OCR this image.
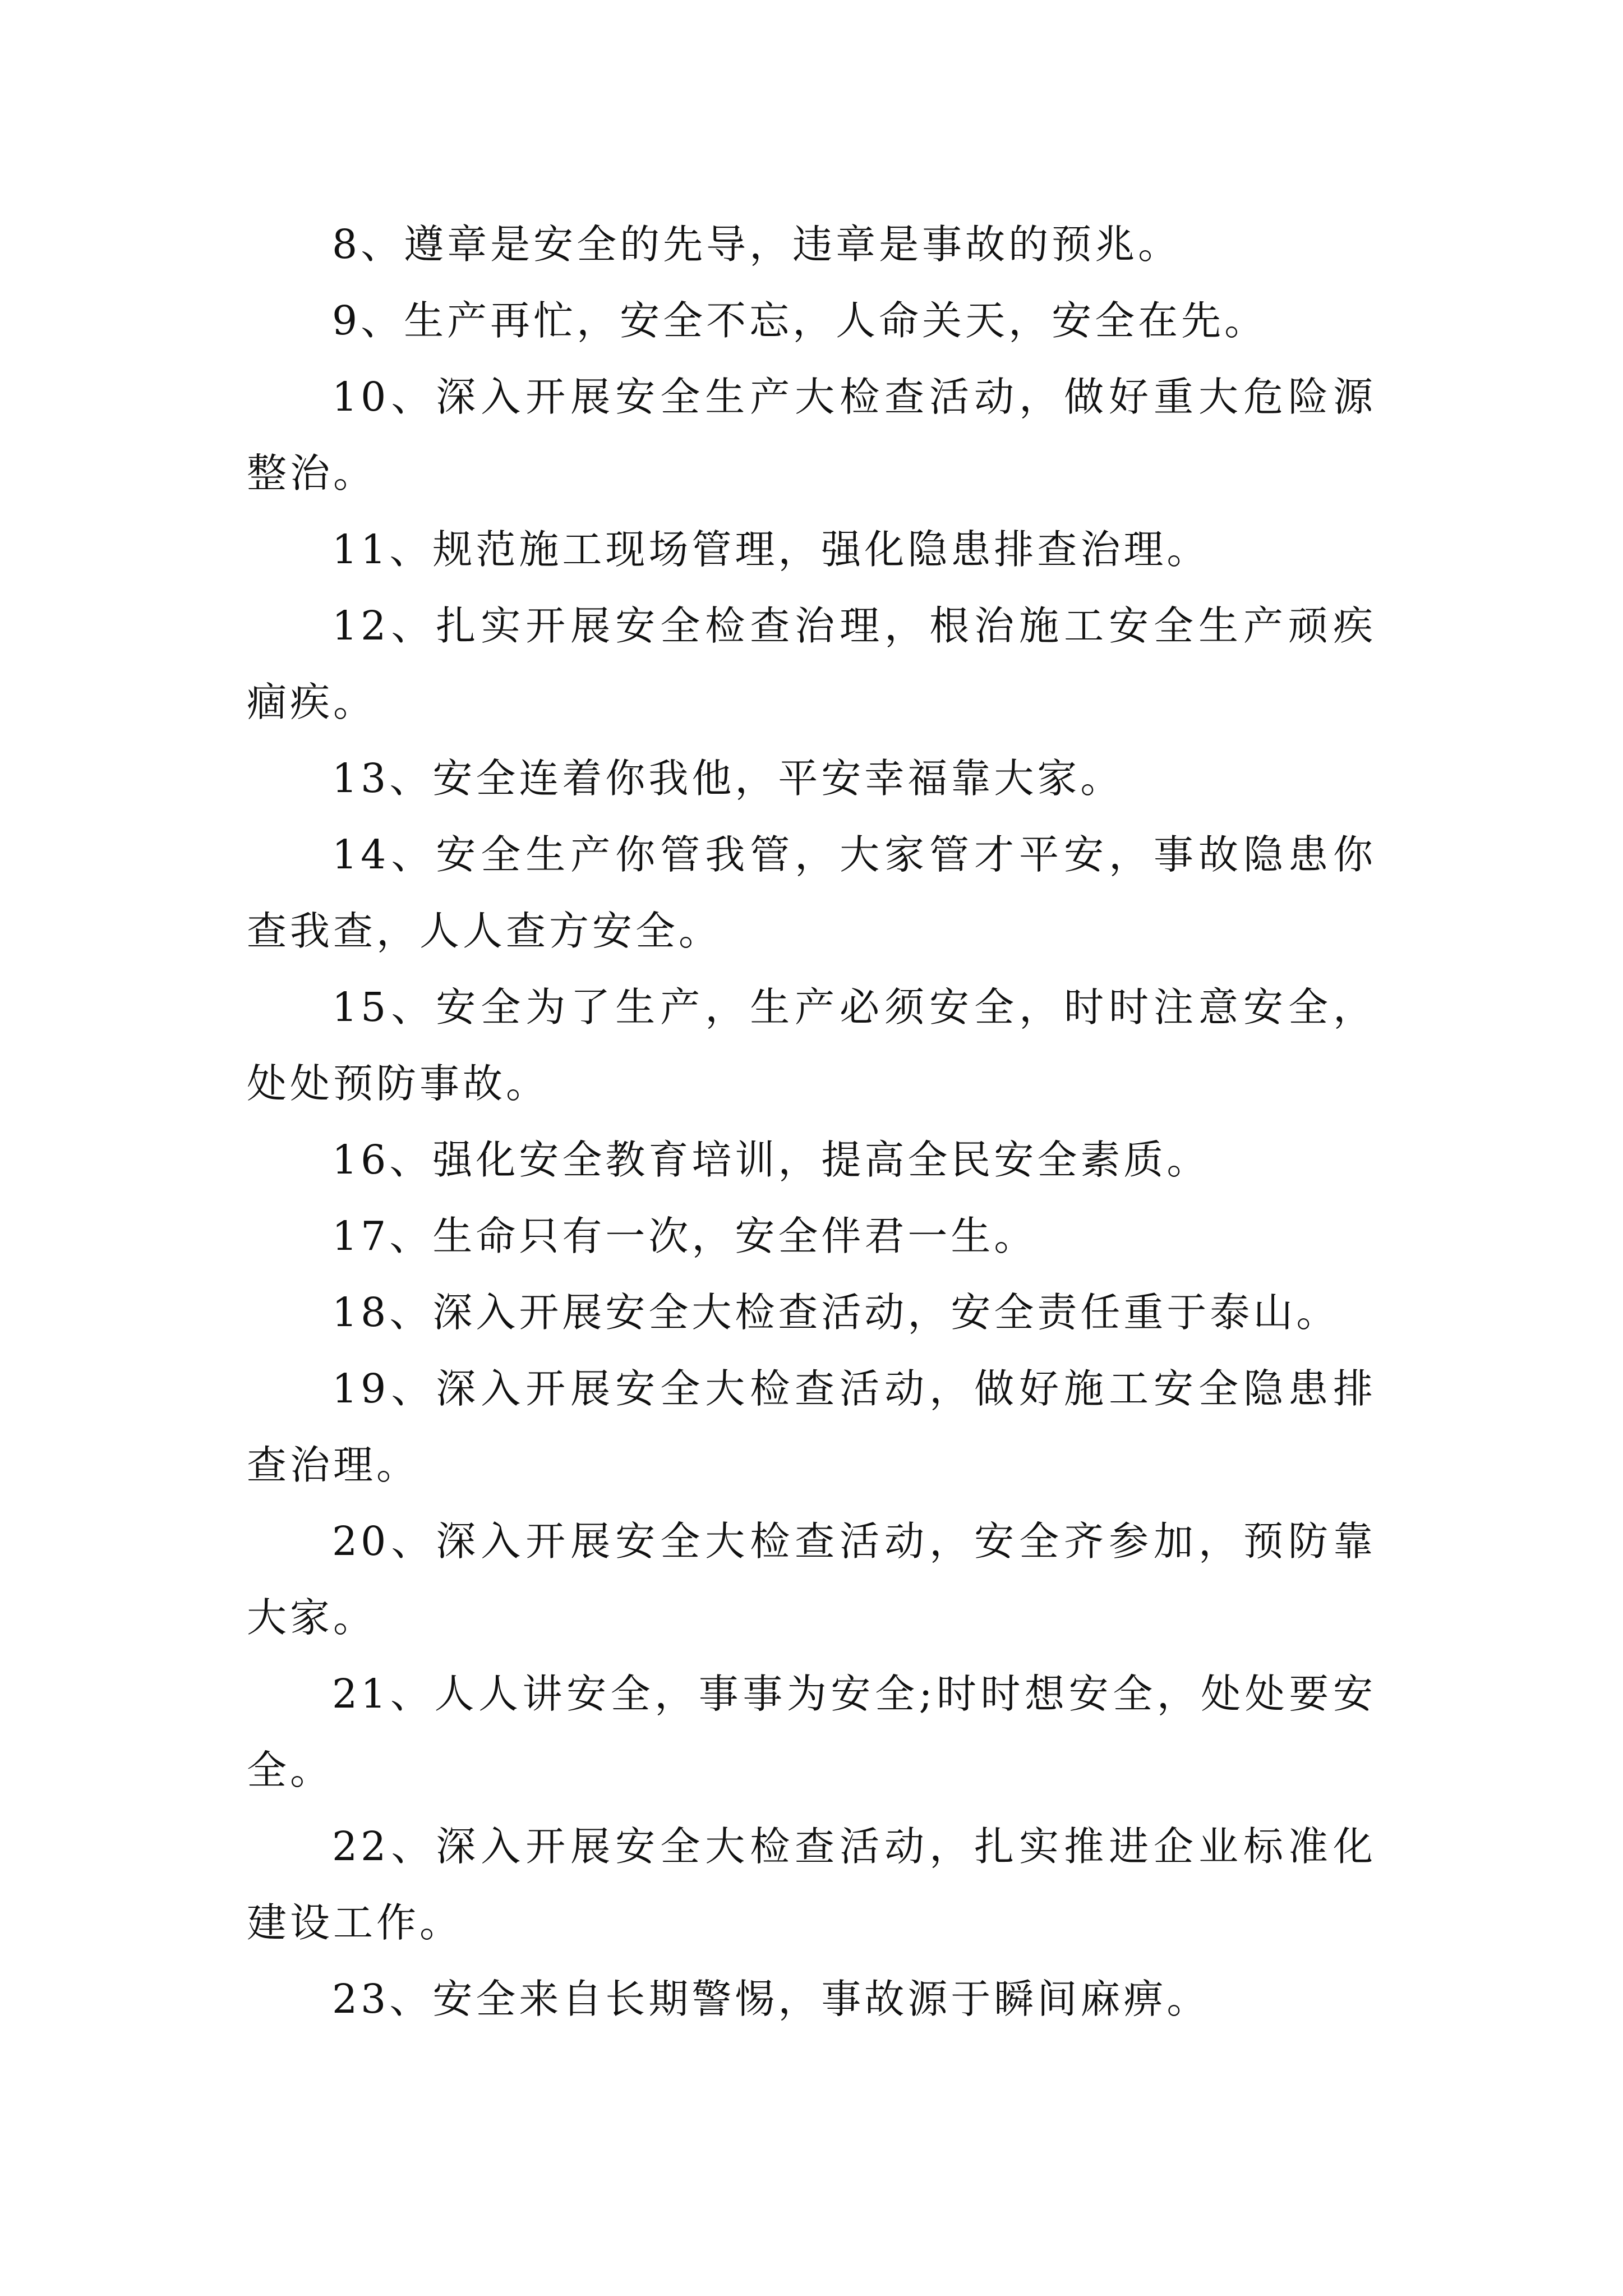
8、遵章是安全的先导，违章是事故的预兆。

9、生产再忙，安全不忘，人命关天，安全在先。

10、深入开展安全生产大检查活动，做好重大危险源整治。

11、规范施工现场管理，强化隐患排查治理。

12、扎实开展安全检查治理，根治施工安全生产顽疾痼疾。

13、安全连着你我他，平安幸福靠大家。

14、安全生产你管我管，大家管才平安，事故隐患你查我查，人人查方安全。

15、安全为了生产，生产必须安全，时时注意安全，处处预防事故。

16、强化安全教育培训，提高全民安全素质。

17、生命只有一次，安全伴君一生。

18、深入开展安全大检查活动，安全责任重于泰山。

19、深入开展安全大检查活动，做好施工安全隐患排查治理。

20、深入开展安全大检查活动，安全齐参加，预防靠大家。

21、人人讲安全，事事为安全;时时想安全，处处要安全。

22、深入开展安全大检查活动，扎实推进企业标准化建设工作。

23、安全来自长期警惕，事故源于瞬间麻痹。
